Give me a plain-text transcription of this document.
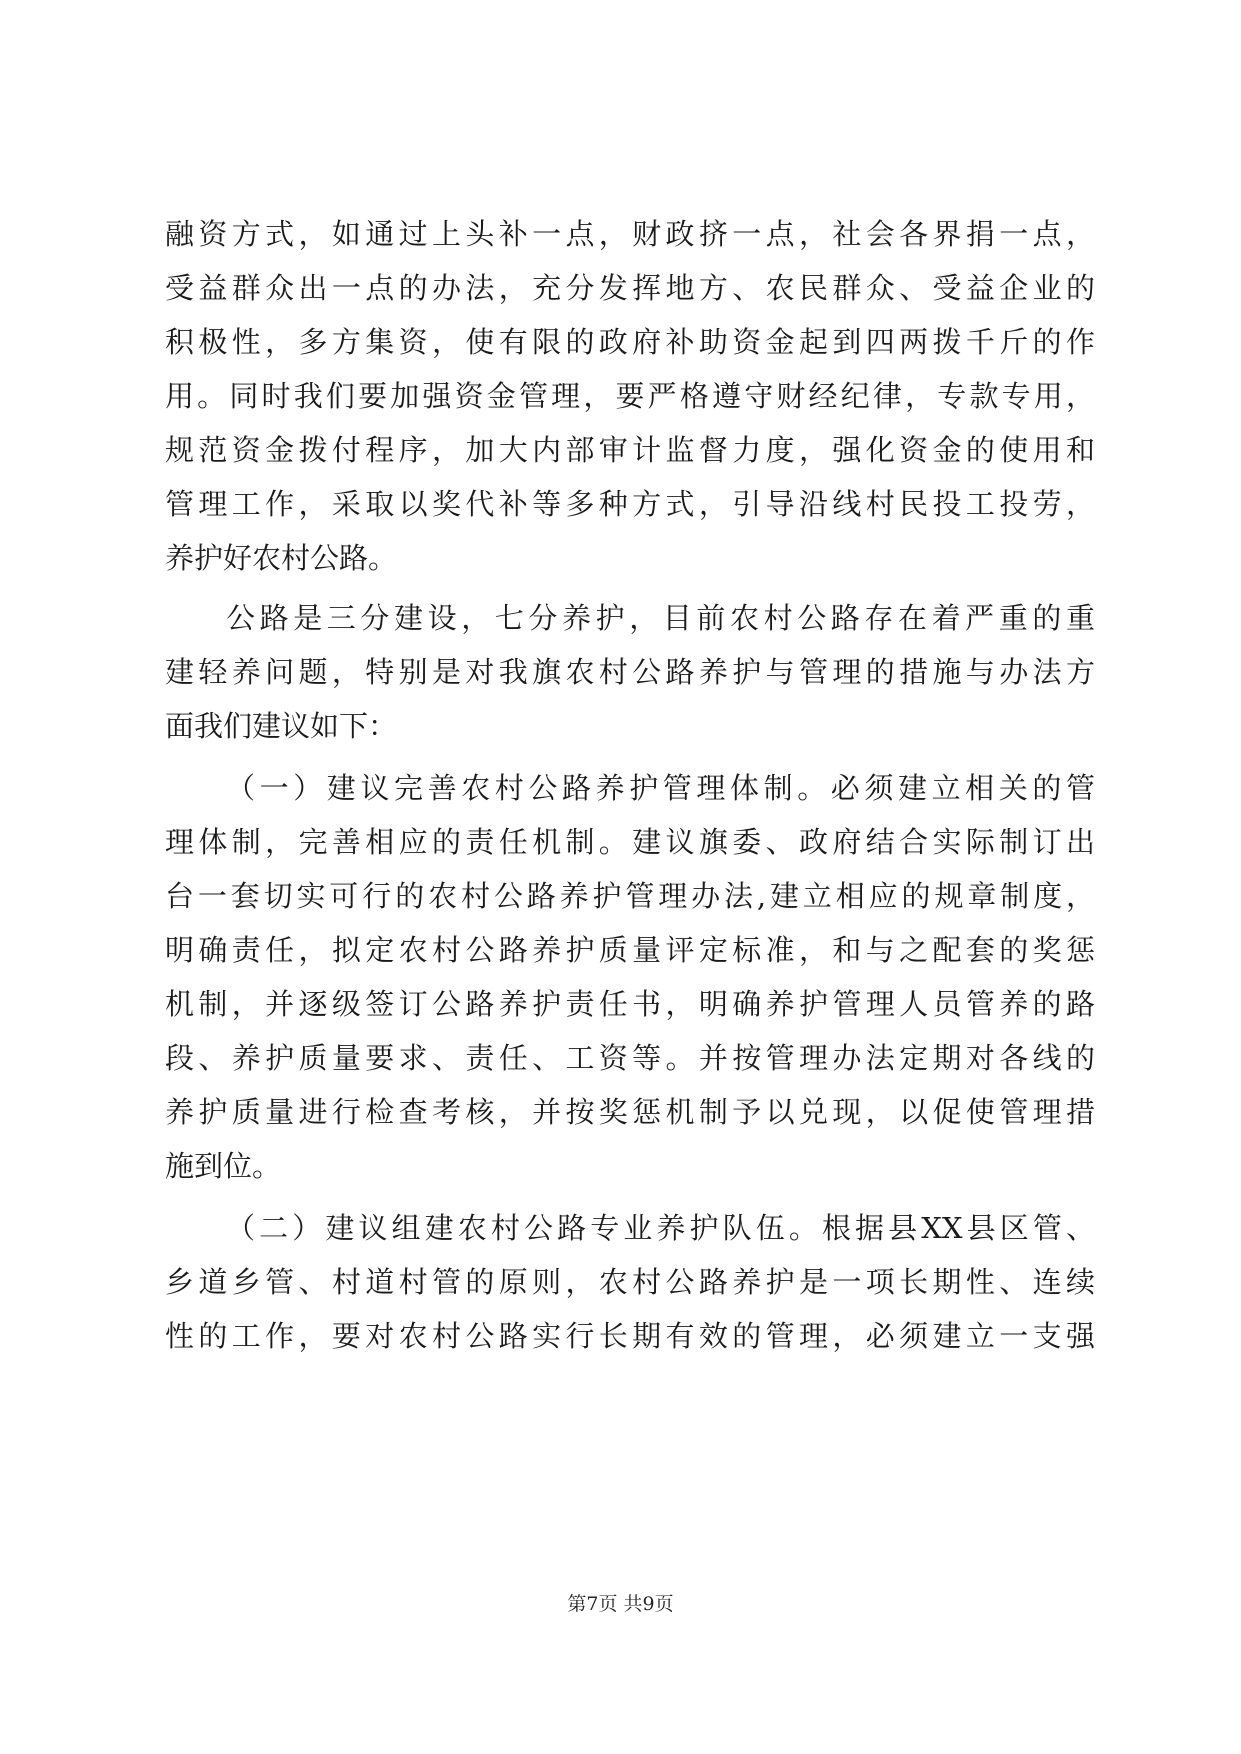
融资方式，如通过上头补一点，财政挤一点，社会各界捐一点，
受益群众出一点的办法，充分发挥地方、农民群众、受益企业的
积极性，多方集资，使有限的政府补助资金起到四两拨千斤的作
用。同时我们要加强资金管理，要严格遵守财经纪律，专款专用，
规范资金拨付程序，加大内部审计监督力度，强化资金的使用和
管理工作，采取以奖代补等多种方式，引导沿线村民投工投劳，
养护好农村公路。
公路是三分建设，七分养护，目前农村公路存在着严重的重
建轻养问题，特别是对我旗农村公路养护与管理的措施与办法方
面我们建议如下：
（一）建议完善农村公路养护管理体制。必须建立相关的管
理体制，完善相应的责任机制。建议旗委、政府结合实际制订出
台一套切实可行的农村公路养护管理办法,建立相应的规章制度，
明确责任，拟定农村公路养护质量评定标准，和与之配套的奖惩
机制，并逐级签订公路养护责任书，明确养护管理人员管养的路
段、养护质量要求、责任、工资等。并按管理办法定期对各线的
养护质量进行检查考核，并按奖惩机制予以兑现，以促使管理措
施到位。
（二）建议组建农村公路专业养护队伍。根据县XX县区管、
乡道乡管、村道村管的原则，农村公路养护是一项长期性、连续
性的工作，要对农村公路实行长期有效的管理，必须建立一支强
第7页 共9页
